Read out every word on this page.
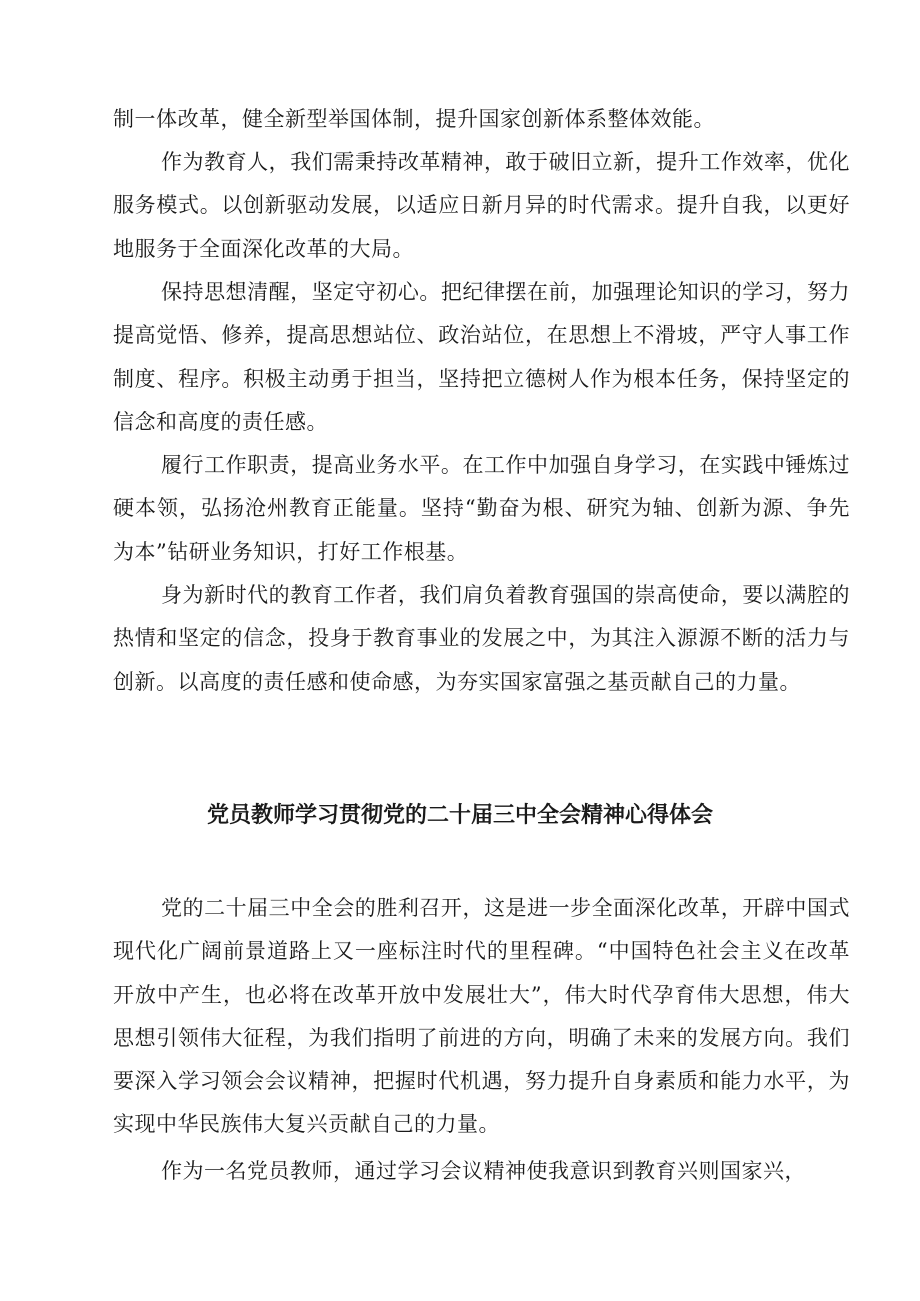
制一体改革，健全新型举国体制，提升国家创新体系整体效能。

作为教育人，我们需秉持改革精神，敢于破旧立新，提升工作效率，优化服务模式。以创新驱动发展，以适应日新月异的时代需求。提升自我，以更好地服务于全面深化改革的大局。

保持思想清醒，坚定守初心。把纪律摆在前，加强理论知识的学习，努力提高觉悟、修养，提高思想站位、政治站位，在思想上不滑坡，严守人事工作制度、程序。积极主动勇于担当，坚持把立德树人作为根本任务，保持坚定的信念和高度的责任感。

履行工作职责，提高业务水平。在工作中加强自身学习，在实践中锤炼过硬本领，弘扬沧州教育正能量。坚持“勤奋为根、研究为轴、创新为源、争先为本”钻研业务知识，打好工作根基。

身为新时代的教育工作者，我们肩负着教育强国的崇高使命，要以满腔的热情和坚定的信念，投身于教育事业的发展之中，为其注入源源不断的活力与创新。以高度的责任感和使命感，为夯实国家富强之基贡献自己的力量。

党员教师学习贯彻党的二十届三中全会精神心得体会

党的二十届三中全会的胜利召开，这是进一步全面深化改革，开辟中国式现代化广阔前景道路上又一座标注时代的里程碑。“中国特色社会主义在改革开放中产生，也必将在改革开放中发展壮大”，伟大时代孕育伟大思想，伟大思想引领伟大征程，为我们指明了前进的方向，明确了未来的发展方向。我们要深入学习领会会议精神，把握时代机遇，努力提升自身素质和能力水平，为实现中华民族伟大复兴贡献自己的力量。

作为一名党员教师，通过学习会议精神使我意识到教育兴则国家兴，
